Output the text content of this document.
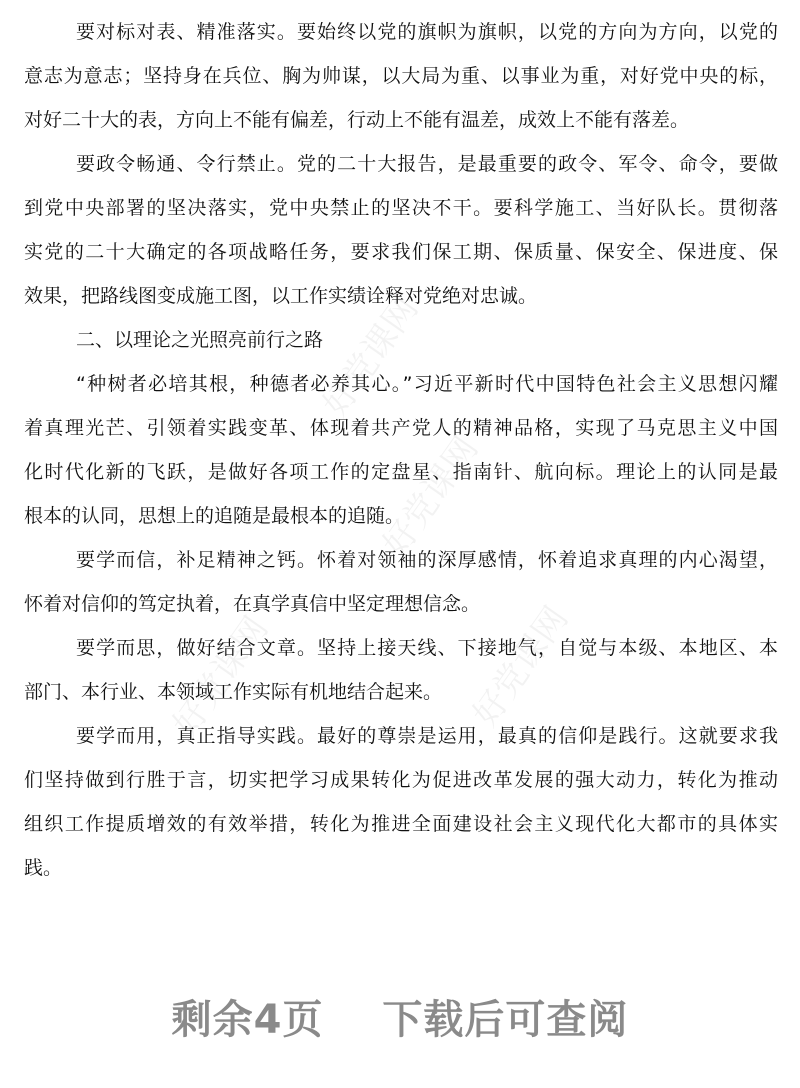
好党课网
好党课网
好党课网	好党课网
要对标对表、精准落实。要始终以党的旗帜为旗帜，以党的方向为方向，以党的
意志为意志；坚持身在兵位、胸为帅谋，以大局为重、以事业为重，对好党中央的标，
对好二十大的表，方向上不能有偏差，行动上不能有温差，成效上不能有落差。
要政令畅通、令行禁止。党的二十大报告，是最重要的政令、军令、命令，要做
到党中央部署的坚决落实，党中央禁止的坚决不干。要科学施工、当好队长。贯彻落
实党的二十大确定的各项战略任务，要求我们保工期、保质量、保安全、保进度、保
效果，把路线图变成施工图，以工作实绩诠释对党绝对忠诚。
二、以理论之光照亮前行之路
“种树者必培其根，种德者必养其心。”习近平新时代中国特色社会主义思想闪耀
着真理光芒、引领着实践变革、体现着共产党人的精神品格，实现了马克思主义中国
化时代化新的飞跃，是做好各项工作的定盘星、指南针、航向标。理论上的认同是最
根本的认同，思想上的追随是最根本的追随。
要学而信，补足精神之钙。怀着对领袖的深厚感情，怀着追求真理的内心渴望，
怀着对信仰的笃定执着，在真学真信中坚定理想信念。
要学而思，做好结合文章。坚持上接天线、下接地气，自觉与本级、本地区、本
部门、本行业、本领域工作实际有机地结合起来。
要学而用，真正指导实践。最好的尊崇是运用，最真的信仰是践行。这就要求我
们坚持做到行胜于言，切实把学习成果转化为促进改革发展的强大动力，转化为推动
组织工作提质增效的有效举措，转化为推进全面建设社会主义现代化大都市的具体实
践。
剩余4页 下载后可查阅
